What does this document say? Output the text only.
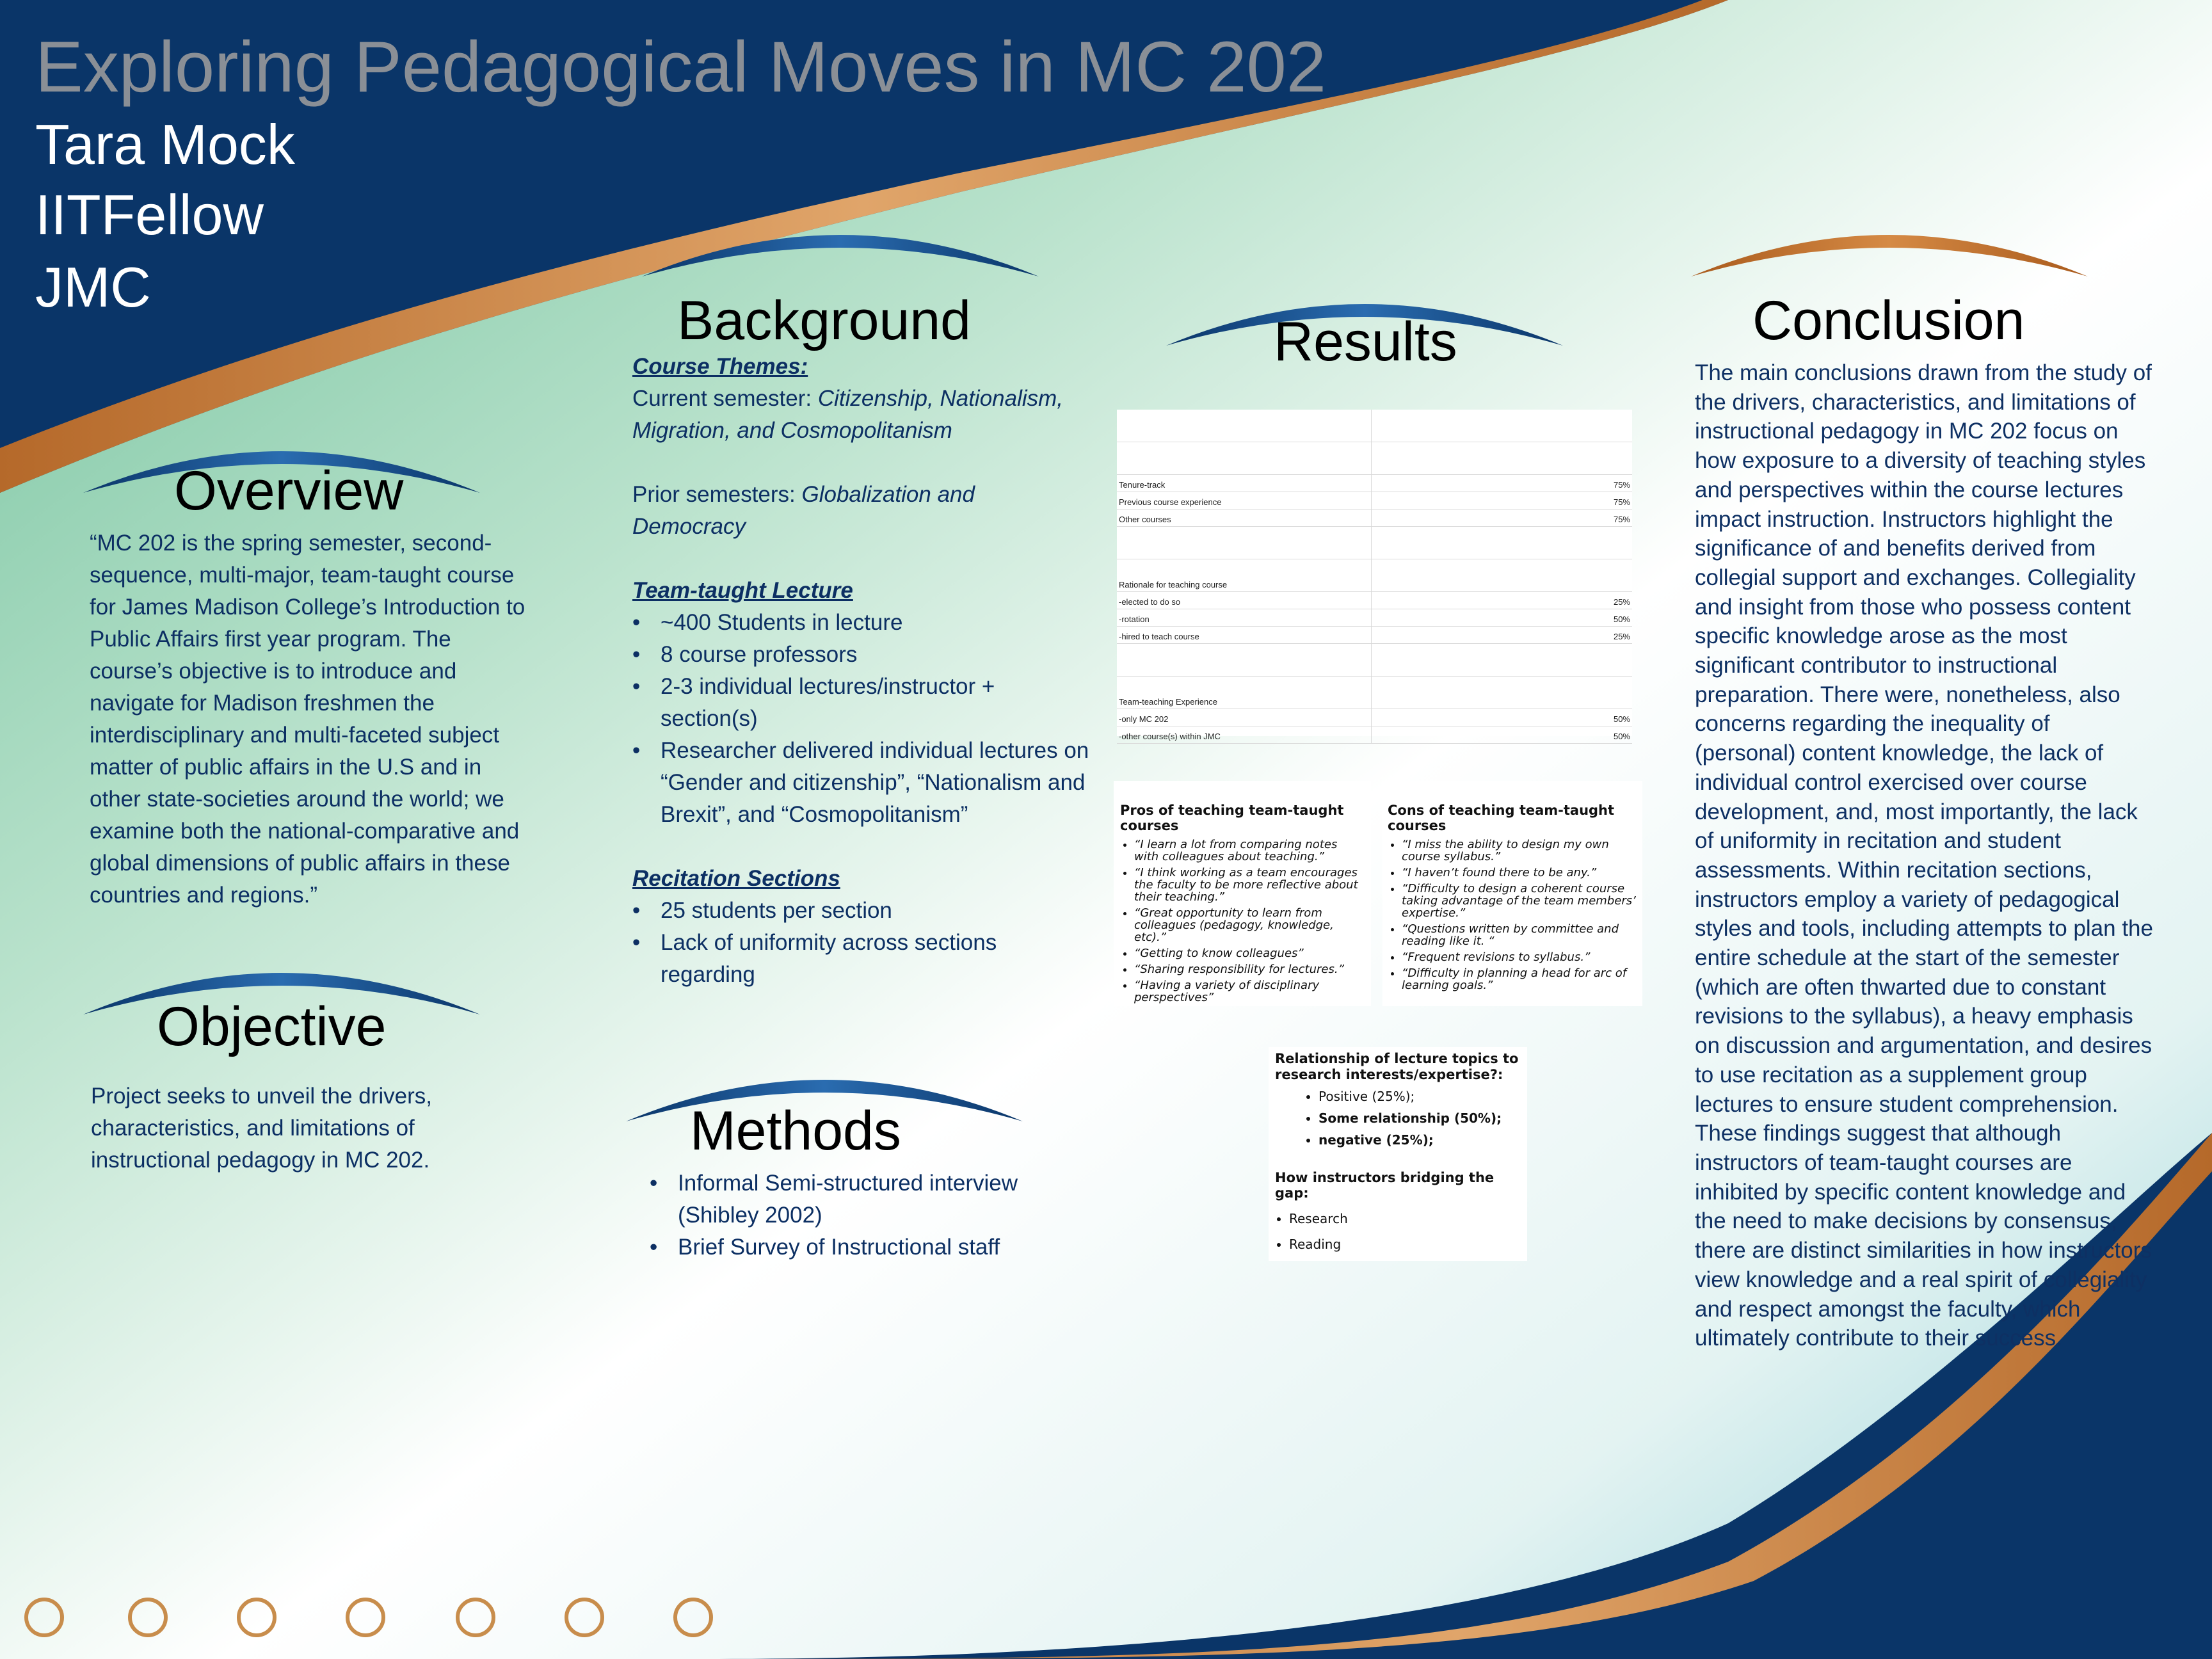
Exploring Pedagogical Moves in MC 202
Tara Mock
IITFellow
JMC
Overview
“MC 202 is the spring semester, second-sequence, multi-major, team-taught course for James Madison College’s Introduction to Public Affairs first year program. The course’s objective is to introduce and navigate for Madison freshmen the interdisciplinary and multi-faceted subject matter of public affairs in the U.S and in other state-societies around the world; we examine both the national-comparative and global dimensions of public affairs in these countries and regions.”
Objective
Project seeks to unveil the drivers, characteristics, and limitations of instructional pedagogy in MC 202.
Background
Course Themes:
Current semester: Citizenship, Nationalism, Migration, and Cosmopolitanism
Prior semesters: Globalization and Democracy
Team-taught Lecture
• ~400 Students in lecture
• 8 course professors
• 2-3 individual lectures/instructor + section(s)
• Researcher delivered individual lectures on “Gender and citizenship”, “Nationalism and Brexit”, and “Cosmopolitanism”
Recitation Sections
• 25 students per section
• Lack of uniformity across sections regarding
Methods
• Informal Semi-structured interview (Shibley 2002)
• Brief Survey of Instructional staff
Results
Tenure-track	75%
Previous course experience	75%
Other courses	75%
Rationale for teaching course
-elected to do so	25%
-rotation	50%
-hired to teach course	25%
Team-teaching Experience
-only MC 202	50%
-other course(s) within JMC	50%
Pros of teaching team-taught courses
• “I learn a lot from comparing notes with colleagues about teaching.”
• “I think working as a team encourages the faculty to be more reflective about their teaching.”
• “Great opportunity to learn from colleagues (pedagogy, knowledge, etc).”
• “Getting to know colleagues”
• “Sharing responsibility for lectures.”
• “Having a variety of disciplinary perspectives”
Cons of teaching team-taught courses
• “I miss the ability to design my own course syllabus.”
• “I haven’t found there to be any.”
• “Difficulty to design a coherent course taking advantage of the team members’ expertise.”
• “Questions written by committee and reading like it. “
• “Frequent revisions to syllabus.”
• “Difficulty in planning a head for arc of learning goals.”
Relationship of lecture topics to research interests/expertise?:
• Positive (25%);
• Some relationship (50%);
• negative (25%);
How instructors bridging the gap:
• Research
• Reading
Conclusion
The main conclusions drawn from the study of the drivers, characteristics, and limitations of instructional pedagogy in MC 202 focus on how exposure to a diversity of teaching styles and perspectives within the course lectures impact instruction. Instructors highlight the significance of and benefits derived from collegial support and exchanges. Collegiality and insight from those who possess content specific knowledge arose as the most significant contributor to instructional preparation. There were, nonetheless, also concerns regarding the inequality of (personal) content knowledge, the lack of individual control exercised over course development, and, most importantly, the lack of uniformity in recitation and student assessments. Within recitation sections, instructors employ a variety of pedagogical styles and tools, including attempts to plan the entire schedule at the start of the semester (which are often thwarted due to constant revisions to the syllabus), a heavy emphasis on discussion and argumentation, and desires to use recitation as a supplement group lectures to ensure student comprehension. These findings suggest that although instructors of team-taught courses are inhibited by specific content knowledge and the need to make decisions by consensus, there are distinct similarities in how instructors view knowledge and a real spirit of collegiality and respect amongst the faculty, which ultimately contribute to their success.
